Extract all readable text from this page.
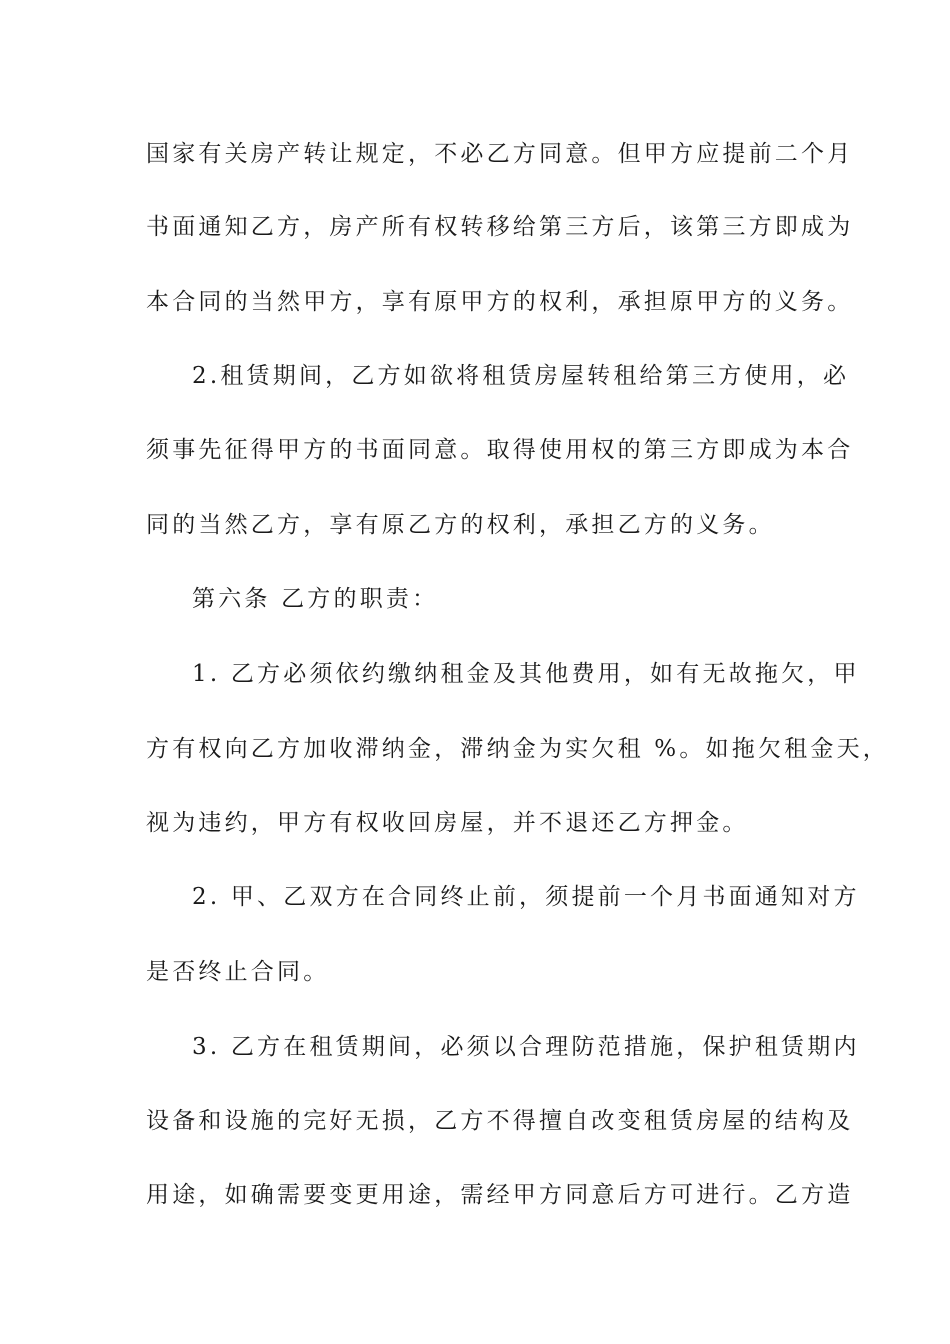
国家有关房产转让规定，不必乙方同意。但甲方应提前二个月
书面通知乙方，房产所有权转移给第三方后，该第三方即成为
本合同的当然甲方，享有原甲方的权利，承担原甲方的义务。
2.租赁期间，乙方如欲将租赁房屋转租给第三方使用，必
须事先征得甲方的书面同意。取得使用权的第三方即成为本合
同的当然乙方，享有原乙方的权利，承担乙方的义务。
第六条 乙方的职责：
1. 乙方必须依约缴纳租金及其他费用，如有无故拖欠，甲
方有权向乙方加收滞纳金，滞纳金为实欠租 %。如拖欠租金天，
视为违约，甲方有权收回房屋，并不退还乙方押金。
2. 甲、乙双方在合同终止前，须提前一个月书面通知对方
是否终止合同。
3. 乙方在租赁期间，必须以合理防范措施，保护租赁期内
设备和设施的完好无损，乙方不得擅自改变租赁房屋的结构及
用途，如确需要变更用途，需经甲方同意后方可进行。乙方造
